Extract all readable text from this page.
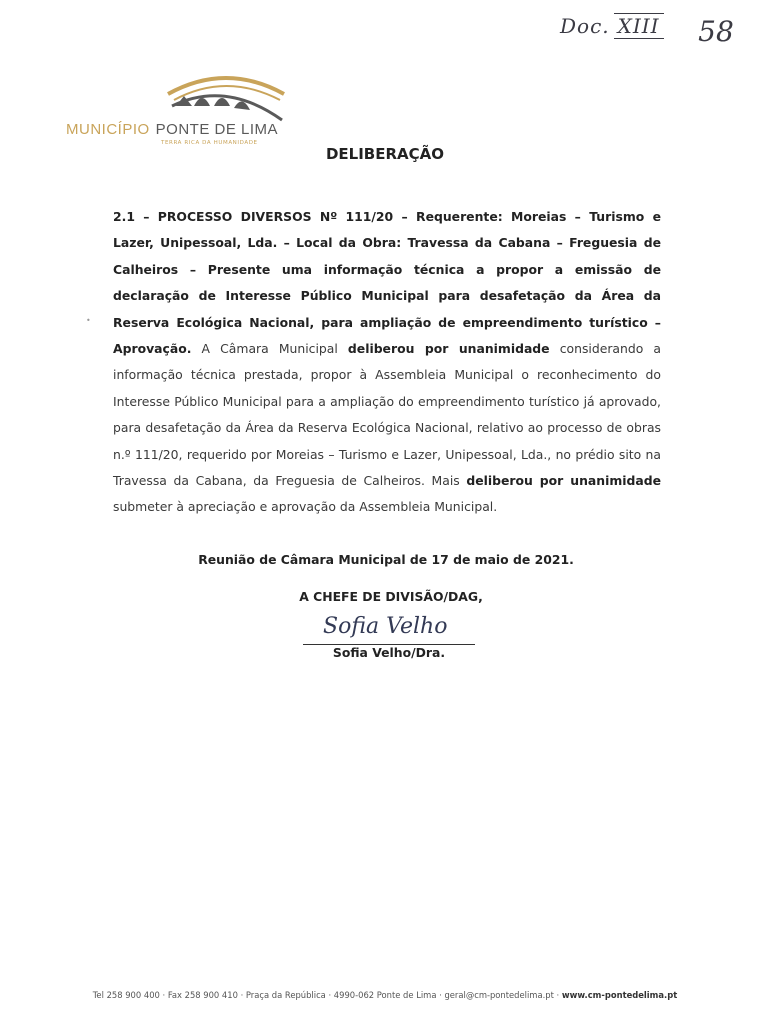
Doc. XIII 58
MUNICÍPIO PONTE DE LIMA
TERRA RICA DA HUMANIDADE
DELIBERAÇÃO
•
2.1 – PROCESSO DIVERSOS Nº 111/20 – Requerente: Moreias – Turismo e Lazer, Unipessoal, Lda. – Local da Obra: Travessa da Cabana – Freguesia de Calheiros – Presente uma informação técnica a propor a emissão de declaração de Interesse Público Municipal para desafetação da Área da Reserva Ecológica Nacional, para ampliação de empreendimento turístico – Aprovação. A Câmara Municipal deliberou por unanimidade considerando a informação técnica prestada, propor à Assembleia Municipal o reconhecimento do Interesse Público Municipal para a ampliação do empreendimento turístico já aprovado, para desafetação da Área da Reserva Ecológica Nacional, relativo ao processo de obras n.º 111/20, requerido por Moreias – Turismo e Lazer, Unipessoal, Lda., no prédio sito na Travessa da Cabana, da Freguesia de Calheiros. Mais deliberou por unanimidade submeter à apreciação e aprovação da Assembleia Municipal.
Reunião de Câmara Municipal de 17 de maio de 2021.
A CHEFE DE DIVISÃO/DAG,
Sofia Velho
Sofia Velho/Dra.
Tel 258 900 400 · Fax 258 900 410 · Praça da República · 4990-062 Ponte de Lima · geral@cm-pontedelima.pt · www.cm-pontedelima.pt
